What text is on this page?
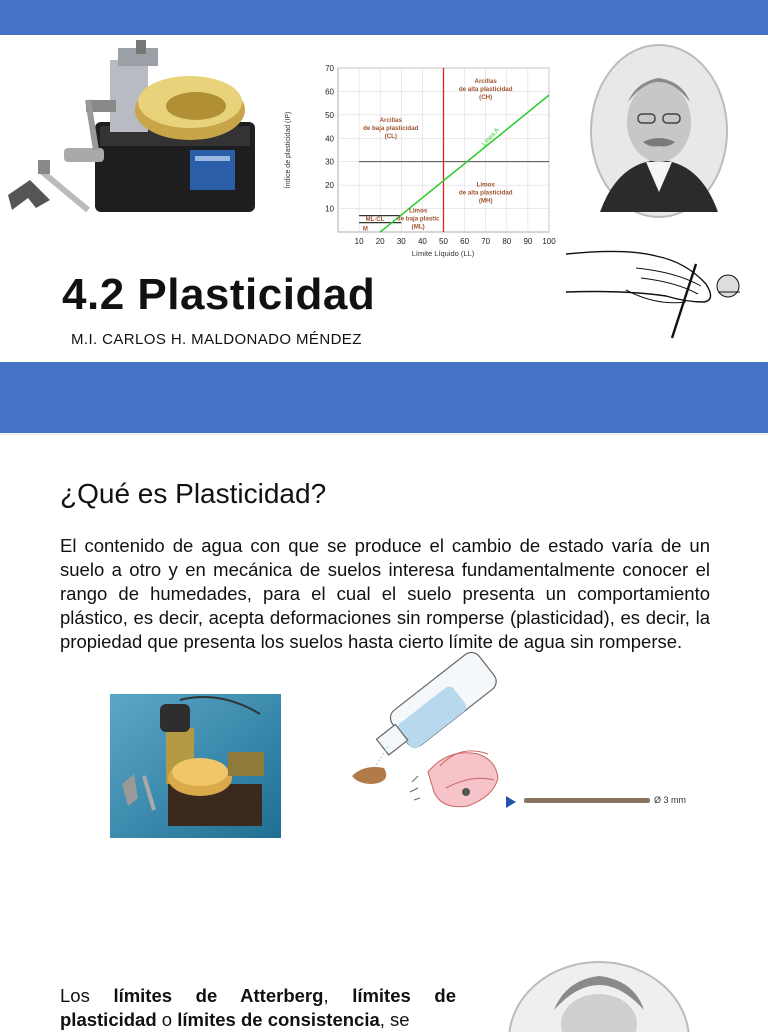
10 20 30 40 50 60 70 80 90 100
10
20
30
40
50
60
70
Arcillas
de alta plasticidad
(CH)
Arcillas
de baja plasticidad
(CL)
Limos
de alta plasticidad
(MH)
Limos
de baja plastic
(ML)
ML-CL
M
Línea A
Límite Líquido (LL)
Índice de plasticidad (IP)
4.2 Plasticidad
M.I. CARLOS H. MALDONADO MÉNDEZ
¿Qué es Plasticidad?
El contenido de agua con que se produce el cambio de estado varía de un suelo a otro y en mecánica de suelos interesa fundamentalmente conocer el rango de humedades, para el cual el suelo presenta un comportamiento plástico, es decir, acepta deformaciones sin romperse (plasticidad), es decir, la propiedad que presenta los suelos hasta cierto límite de agua sin romperse.
Ø 3 mm
Los límites de Atterberg, límites de plasticidad o límites de consistencia, se
